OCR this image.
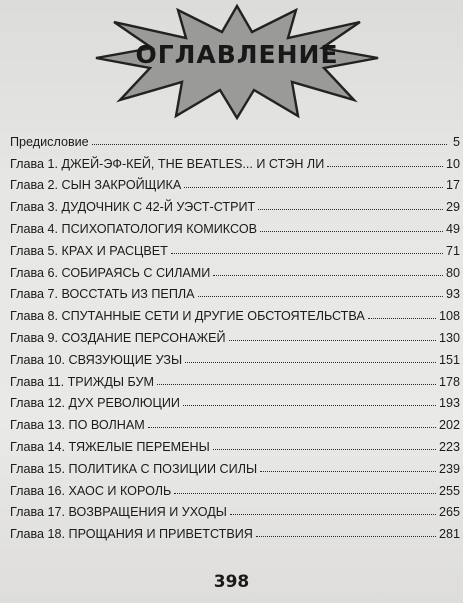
ОГЛАВЛЕНИЕ
Предисловие	5
Глава 1. ДЖЕЙ-ЭФ-КЕЙ, THE BEATLES... И СТЭН ЛИ	10
Глава 2. СЫН ЗАКРОЙЩИКА	17
Глава 3. ДУДОЧНИК С 42-Й УЭСТ-СТРИТ	29
Глава 4. ПСИХОПАТОЛОГИЯ КОМИКСОВ	49
Глава 5. КРАХ И РАСЦВЕТ	71
Глава 6. СОБИРАЯСЬ С СИЛАМИ	80
Глава 7. ВОССТАТЬ ИЗ ПЕПЛА	93
Глава 8. СПУТАННЫЕ СЕТИ И ДРУГИЕ ОБСТОЯТЕЛЬСТВА	108
Глава 9. СОЗДАНИЕ ПЕРСОНАЖЕЙ	130
Глава 10. СВЯЗУЮЩИЕ УЗЫ	151
Глава 11. ТРИЖДЫ БУМ	178
Глава 12. ДУХ РЕВОЛЮЦИИ	193
Глава 13. ПО ВОЛНАМ	202
Глава 14. ТЯЖЕЛЫЕ ПЕРЕМЕНЫ	223
Глава 15. ПОЛИТИКА С ПОЗИЦИИ СИЛЫ	239
Глава 16. ХАОС И КОРОЛЬ	255
Глава 17. ВОЗВРАЩЕНИЯ И УХОДЫ	265
Глава 18. ПРОЩАНИЯ И ПРИВЕТСТВИЯ	281
398
